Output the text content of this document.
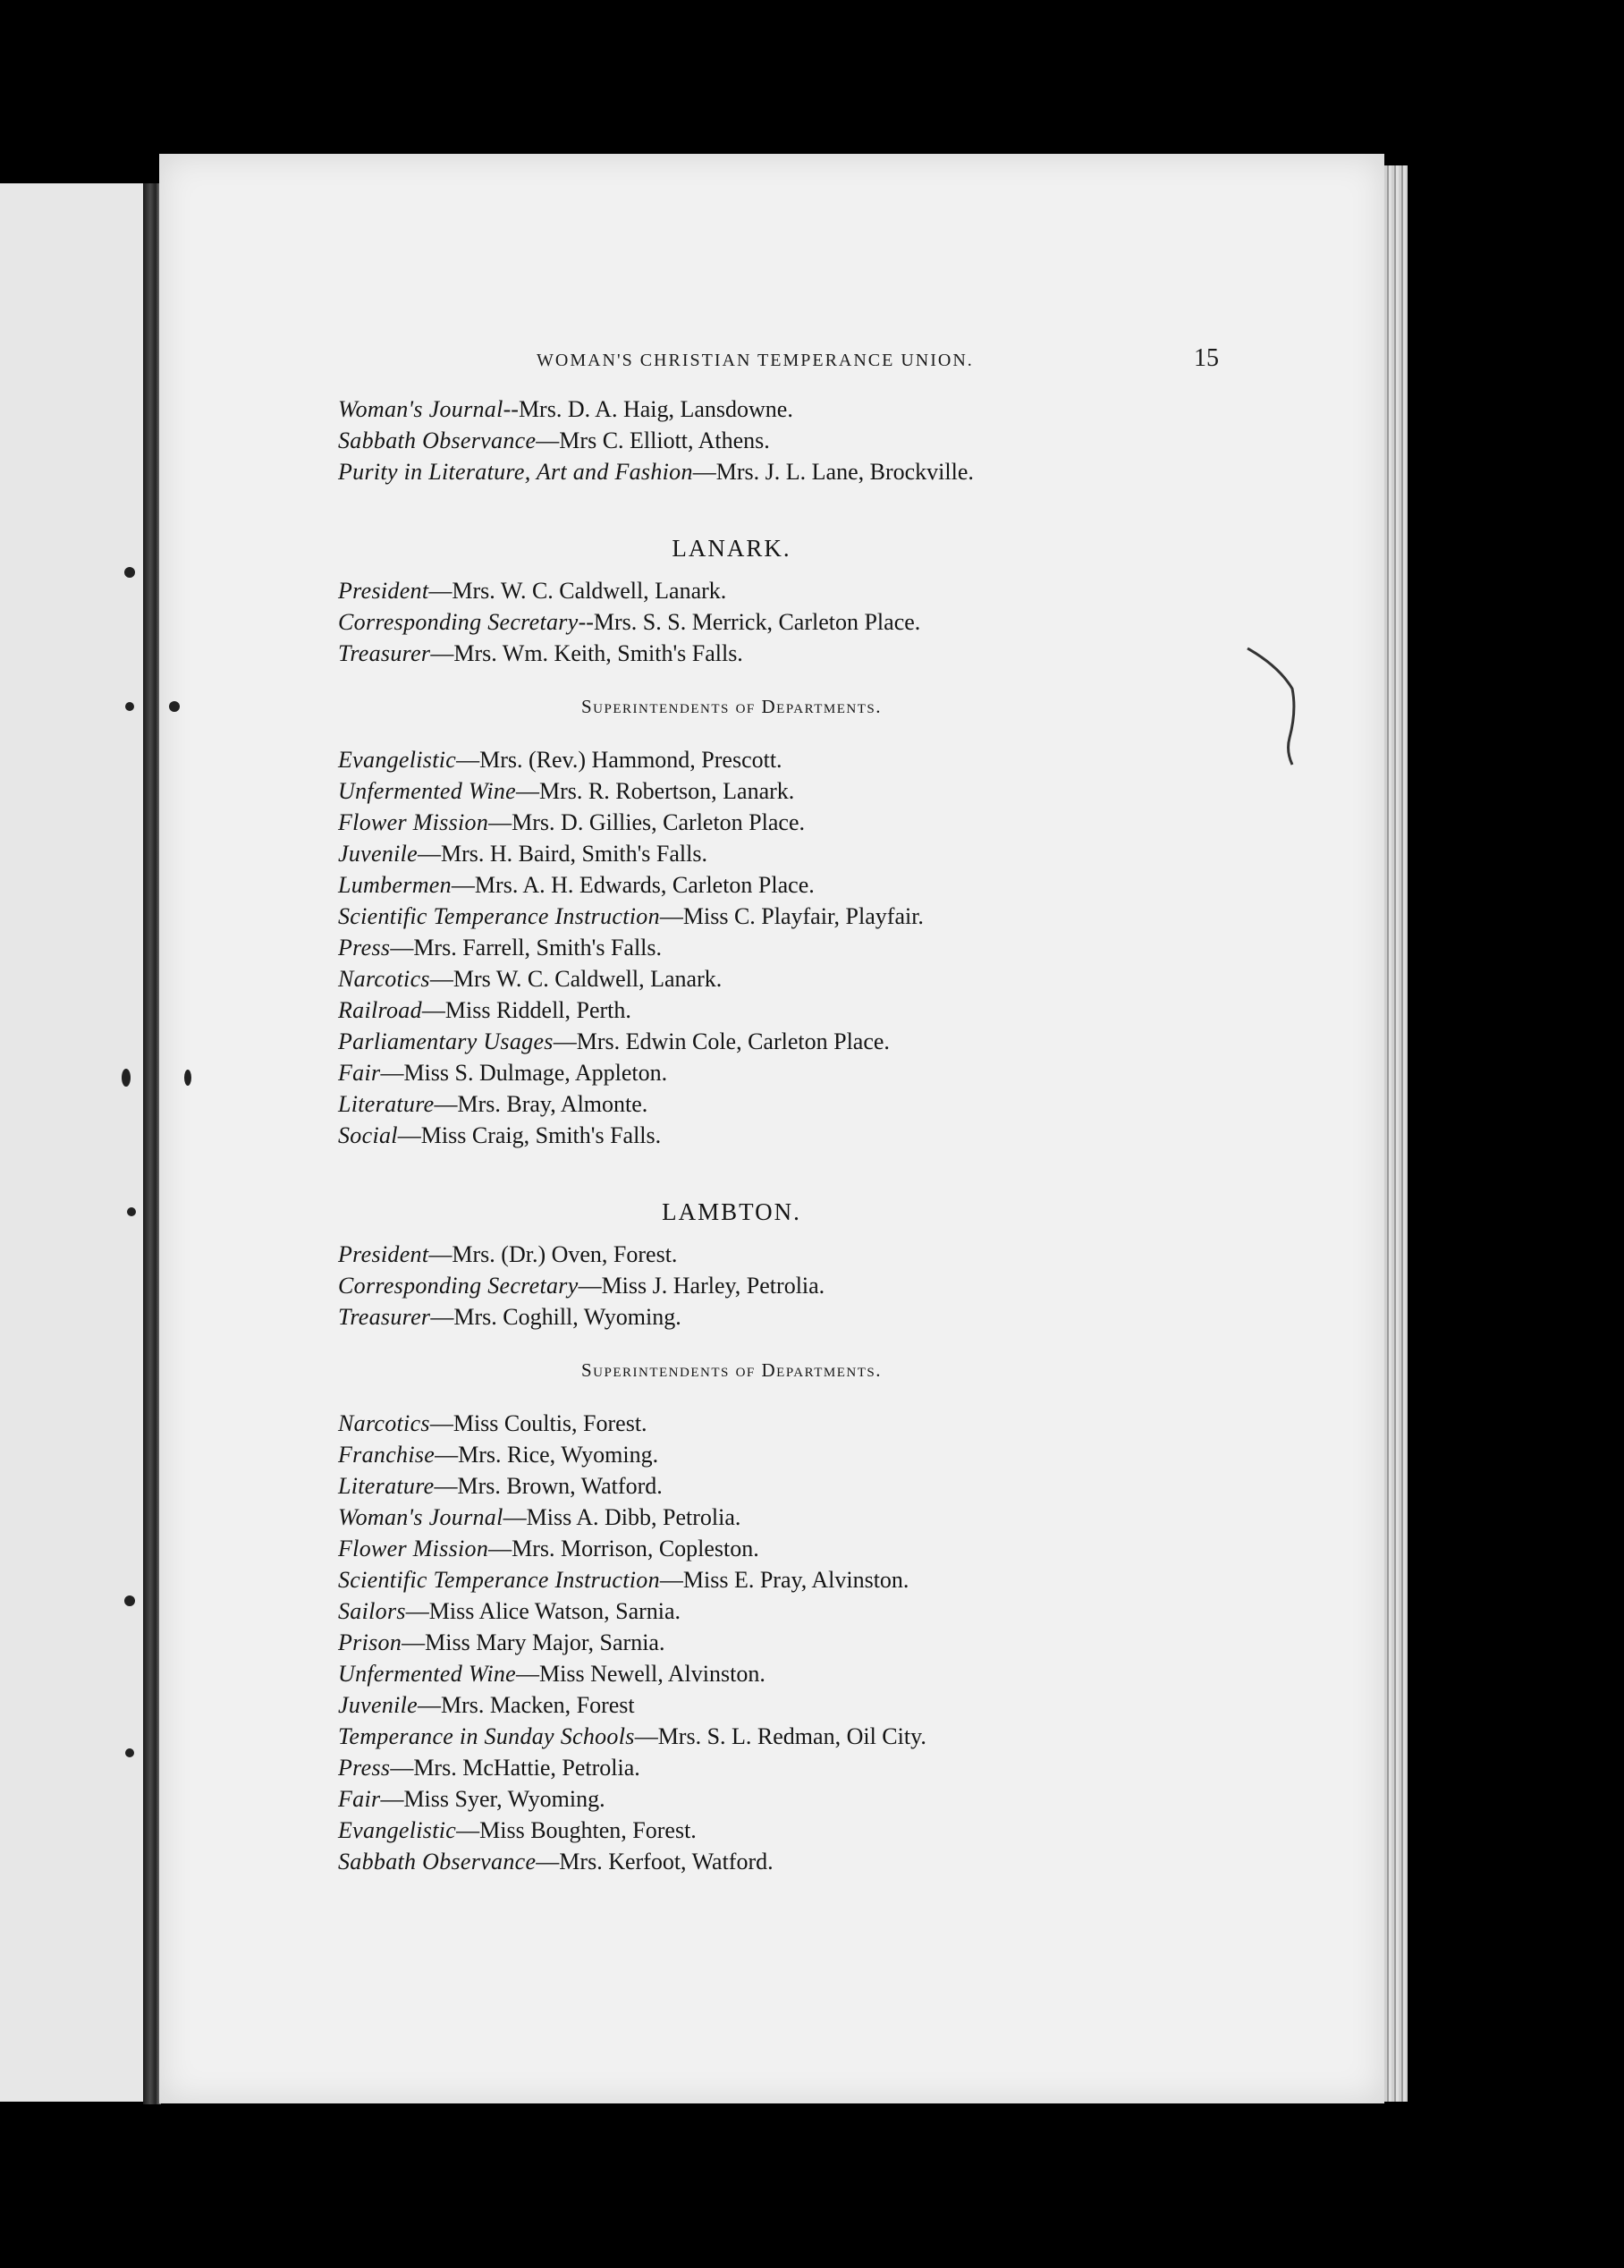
15
WOMAN'S CHRISTIAN TEMPERANCE UNION.
Woman's Journal--Mrs. D. A. Haig, Lansdowne.
Sabbath Observance—Mrs C. Elliott, Athens.
Purity in Literature, Art and Fashion—Mrs. J. L. Lane, Brockville.
LANARK.
President—Mrs. W. C. Caldwell, Lanark.
Corresponding Secretary--Mrs. S. S. Merrick, Carleton Place.
Treasurer—Mrs. Wm. Keith, Smith's Falls.
Superintendents of Departments.
Evangelistic—Mrs. (Rev.) Hammond, Prescott.
Unfermented Wine—Mrs. R. Robertson, Lanark.
Flower Mission—Mrs. D. Gillies, Carleton Place.
Juvenile—Mrs. H. Baird, Smith's Falls.
Lumbermen—Mrs. A. H. Edwards, Carleton Place.
Scientific Temperance Instruction—Miss C. Playfair, Playfair.
Press—Mrs. Farrell, Smith's Falls.
Narcotics—Mrs W. C. Caldwell, Lanark.
Railroad—Miss Riddell, Perth.
Parliamentary Usages—Mrs. Edwin Cole, Carleton Place.
Fair—Miss S. Dulmage, Appleton.
Literature—Mrs. Bray, Almonte.
Social—Miss Craig, Smith's Falls.
LAMBTON.
President—Mrs. (Dr.) Oven, Forest.
Corresponding Secretary—Miss J. Harley, Petrolia.
Treasurer—Mrs. Coghill, Wyoming.
Superintendents of Departments.
Narcotics—Miss Coultis, Forest.
Franchise—Mrs. Rice, Wyoming.
Literature—Mrs. Brown, Watford.
Woman's Journal—Miss A. Dibb, Petrolia.
Flower Mission—Mrs. Morrison, Copleston.
Scientific Temperance Instruction—Miss E. Pray, Alvinston.
Sailors—Miss Alice Watson, Sarnia.
Prison—Miss Mary Major, Sarnia.
Unfermented Wine—Miss Newell, Alvinston.
Juvenile—Mrs. Macken, Forest
Temperance in Sunday Schools—Mrs. S. L. Redman, Oil City.
Press—Mrs. McHattie, Petrolia.
Fair—Miss Syer, Wyoming.
Evangelistic—Miss Boughten, Forest.
Sabbath Observance—Mrs. Kerfoot, Watford.
